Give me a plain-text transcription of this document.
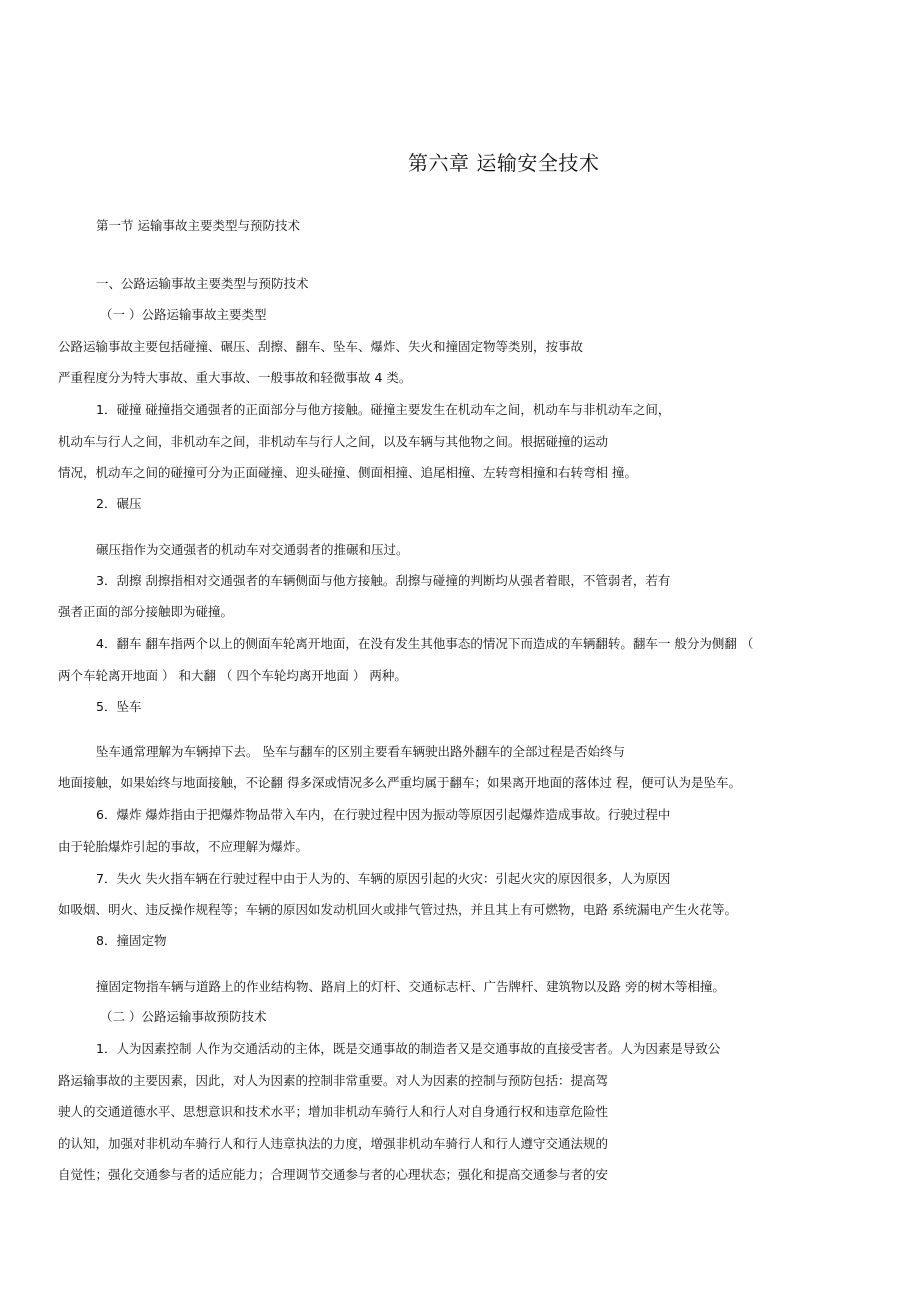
第六章 运输安全技术
第一节 运输事故主要类型与预防技术
一、公路运输事故主要类型与预防技术
（一 ）公路运输事故主要类型
公路运输事故主要包括碰撞、碾压、刮擦、翻车、坠车、爆炸、失火和撞固定物等类别，按事故
严重程度分为特大事故、重大事故、一般事故和轻微事故 4 类。
1．碰撞 碰撞指交通强者的正面部分与他方接触。碰撞主要发生在机动车之间，机动车与非机动车之间，
机动车与行人之间，非机动车之间，非机动车与行人之间，以及车辆与其他物之间。根据碰撞的运动
情况，机动车之间的碰撞可分为正面碰撞、迎头碰撞、侧面相撞、追尾相撞、左转弯相撞和右转弯相 撞。
2．碾压
碾压指作为交通强者的机动车对交通弱者的推碾和压过。
3．刮擦 刮擦指相对交通强者的车辆侧面与他方接触。刮擦与碰撞的判断均从强者着眼，不管弱者，若有
强者正面的部分接触即为碰撞。
4．翻车 翻车指两个以上的侧面车轮离开地面，在没有发生其他事态的情况下而造成的车辆翻转。翻车一 般分为侧翻 （
两个车轮离开地面 ） 和大翻 （ 四个车轮均离开地面 ） 两种。
5．坠车
坠车通常理解为车辆掉下去。 坠车与翻车的区别主要看车辆驶出路外翻车的全部过程是否始终与
地面接触，如果始终与地面接触，不论翻 得多深或情况多么严重均属于翻车；如果离开地面的落体过 程，便可认为是坠车。
6．爆炸 爆炸指由于把爆炸物品带入车内，在行驶过程中因为振动等原因引起爆炸造成事故。行驶过程中
由于轮胎爆炸引起的事故，不应理解为爆炸。
7．失火 失火指车辆在行驶过程中由于人为的、车辆的原因引起的火灾：引起火灾的原因很多，人为原因
如吸烟、明火、违反操作规程等；车辆的原因如发动机回火或排气管过热，并且其上有可燃物，电路 系统漏电产生火花等。
8．撞固定物
撞固定物指车辆与道路上的作业结构物、路肩上的灯杆、交通标志杆、广告牌杆、建筑物以及路 旁的树木等相撞。
（二 ）公路运输事故预防技术
1．人为因素控制 人作为交通活动的主体，既是交通事故的制造者又是交通事故的直接受害者。人为因素是导致公
路运输事故的主要因素，因此，对人为因素的控制非常重要。对人为因素的控制与预防包括：提高驾
驶人的交通道德水平、思想意识和技术水平；增加非机动车骑行人和行人对自身通行权和违章危险性
的认知，加强对非机动车骑行人和行人违章执法的力度，增强非机动车骑行人和行人遵守交通法规的
自觉性；强化交通参与者的适应能力；合理调节交通参与者的心理状态；强化和提高交通参与者的安
